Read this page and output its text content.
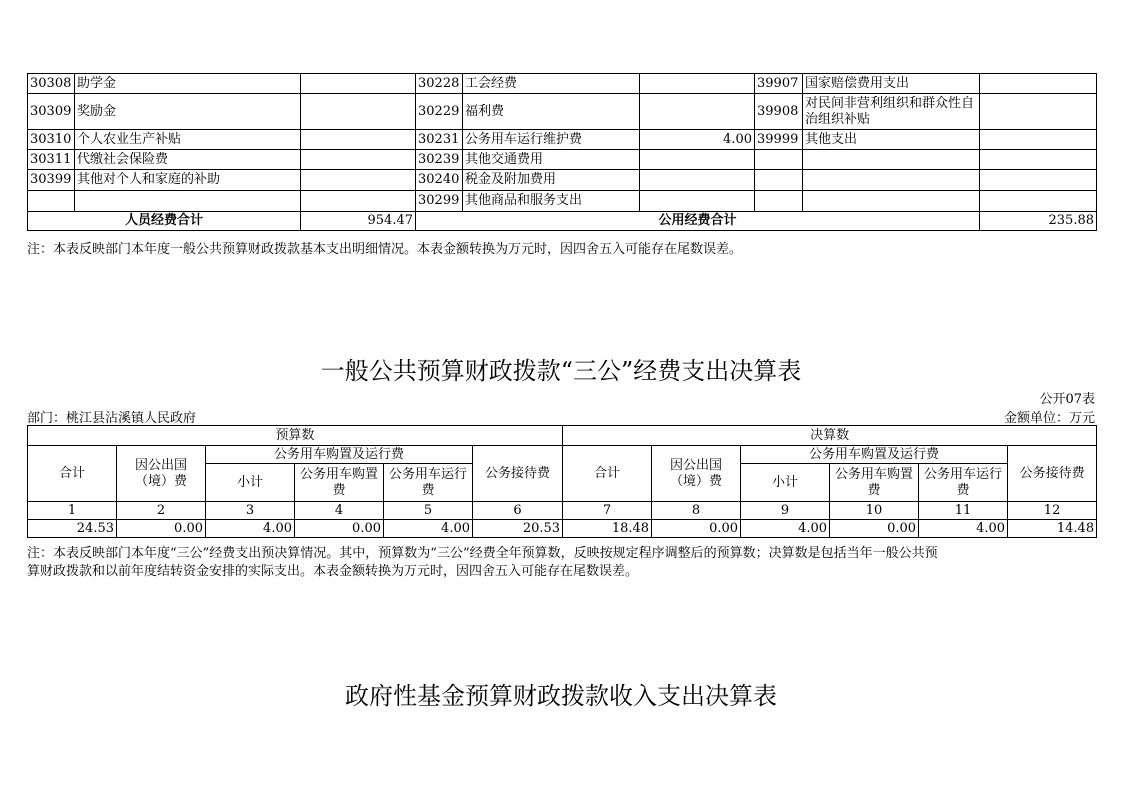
30308	助学金		30228	工会经费		39907	国家赔偿费用支出	
30309	奖励金		30229	福利费		39908	对民间非营利组织和群众性自治组织补贴	
30310	个人农业生产补贴		30231	公务用车运行维护费	4.00	39999	其他支出	
30311	代缴社会保险费		30239	其他交通费用				
30399	其他对个人和家庭的补助		30240	税金及附加费用				
			30299	其他商品和服务支出				
人员经费合计		954.47	公用经费合计					235.88
注：本表反映部门本年度一般公共预算财政拨款基本支出明细情况。本表金额转换为万元时，因四舍五入可能存在尾数误差。
一般公共预算财政拨款“三公”经费支出决算表
公开07表
部门：桃江县沾溪镇人民政府	金额单位：万元
预算数						决算数					
合计	因公出国（境）费	公务用车购置及运行费			公务接待费	合计	因公出国（境）费	公务用车购置及运行费			公务接待费
		小计	公务用车购置费	公务用车运行费				小计	公务用车购置费	公务用车运行费	
1	2	3	4	5	6	7	8	9	10	11	12
24.53	0.00	4.00	0.00	4.00	20.53	18.48	0.00	4.00	0.00	4.00	14.48
注：本表反映部门本年度“三公”经费支出预决算情况。其中，预算数为“三公”经费全年预算数，反映按规定程序调整后的预算数；决算数是包括当年一般公共预
算财政拨款和以前年度结转资金安排的实际支出。本表金额转换为万元时，因四舍五入可能存在尾数误差。
政府性基金预算财政拨款收入支出决算表
